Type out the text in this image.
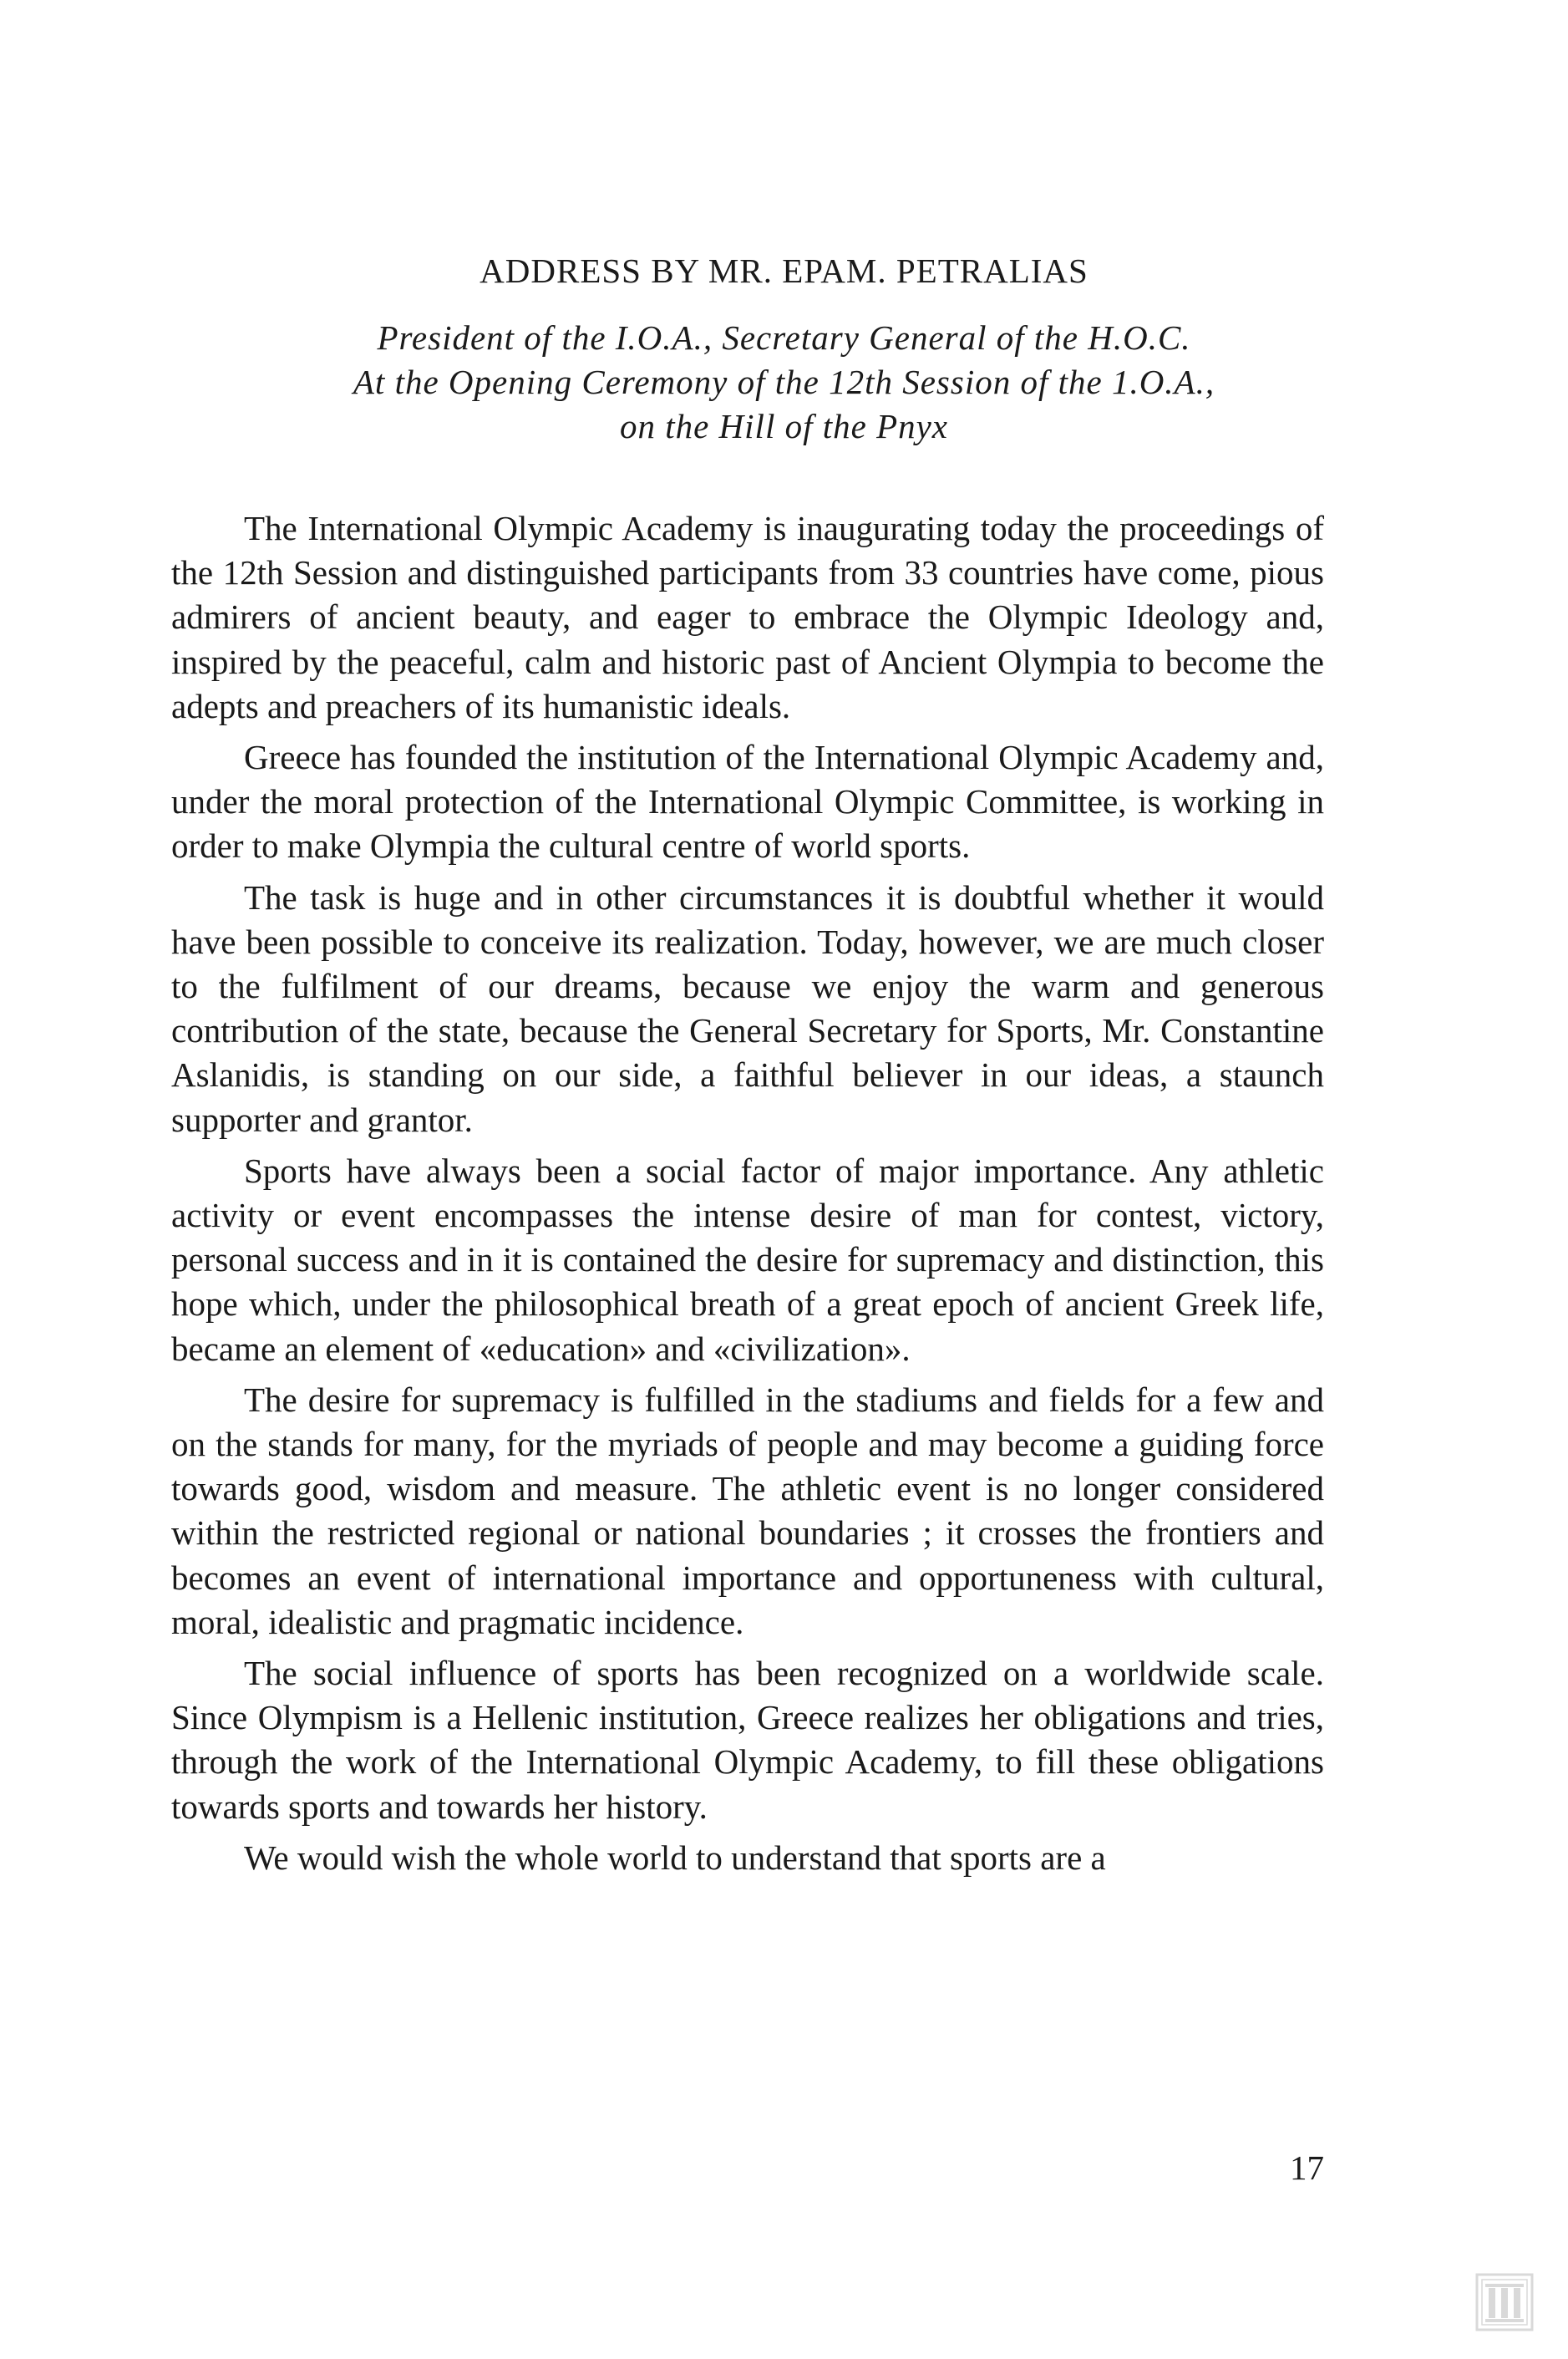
ADDRESS BY MR. EPAM. PETRALIAS

President of the I.O.A., Secretary General of the H.O.C.

At the Opening Ceremony of the 12th Session of the 1.O.A.,

on the Hill of the Pnyx

The International Olympic Academy is inaugurating today the proceedings of the 12th Session and distinguished participants from 33 countries have come, pious admirers of ancient beauty, and eager to embrace the Olympic Ideology and, inspired by the peaceful, calm and historic past of Ancient Olympia to become the adepts and preachers of its humanistic ideals.

Greece has founded the institution of the International Olympic Academy and, under the moral protection of the International Olympic Committee, is working in order to make Olympia the cultural centre of world sports.

The task is huge and in other circumstances it is doubtful whether it would have been possible to conceive its realization. Today, however, we are much closer to the fulfilment of our dreams, because we enjoy the warm and generous contribution of the state, because the General Secretary for Sports, Mr. Constantine Aslanidis, is standing on our side, a faithful believer in our ideas, a staunch supporter and grantor.

Sports have always been a social factor of major importance. Any athletic activity or event encompasses the intense desire of man for contest, victory, personal success and in it is contained the desire for supremacy and distinction, this hope which, under the philosophical breath of a great epoch of ancient Greek life, became an element of «education» and «civilization».

The desire for supremacy is fulfilled in the stadiums and fields for a few and on the stands for many, for the myriads of people and may become a guiding force towards good, wisdom and measure. The athletic event is no longer considered within the restricted regional or national boundaries ; it crosses the frontiers and becomes an event of international importance and opportuneness with cultural, moral, idealistic and pragmatic incidence.

The social influence of sports has been recognized on a worldwide scale. Since Olympism is a Hellenic institution, Greece realizes her obligations and tries, through the work of the International Olympic Academy, to fill these obligations towards sports and towards her history.

We would wish the whole world to understand that sports are a

17
